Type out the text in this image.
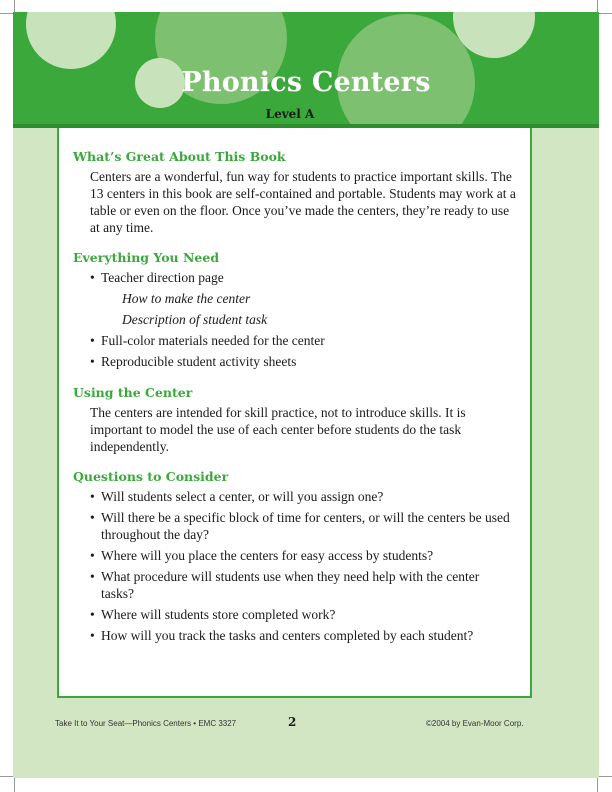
Phonics Centers
Level A
What’s Great About This Book

Centers are a wonderful, fun way for students to practice important skills. The 13 centers in this book are self-contained and portable. Students may work at a table or even on the floor. Once you’ve made the centers, they’re ready to use at any time.

Everything You Need
• Teacher direction page
How to make the center
Description of student task
• Full-color materials needed for the center
• Reproducible student activity sheets
Using the Center

The centers are intended for skill practice, not to introduce skills. It is important to model the use of each center before students do the task independently.

Questions to Consider
• Will students select a center, or will you assign one?
• Will there be a specific block of time for centers, or will the centers be used throughout the day?
• Where will you place the centers for easy access by students?
• What procedure will students use when they need help with the center tasks?
• Where will students store completed work?
• How will you track the tasks and centers completed by each student?
Take It to Your Seat—Phonics Centers • EMC 3327	2	©2004 by Evan-Moor Corp.
